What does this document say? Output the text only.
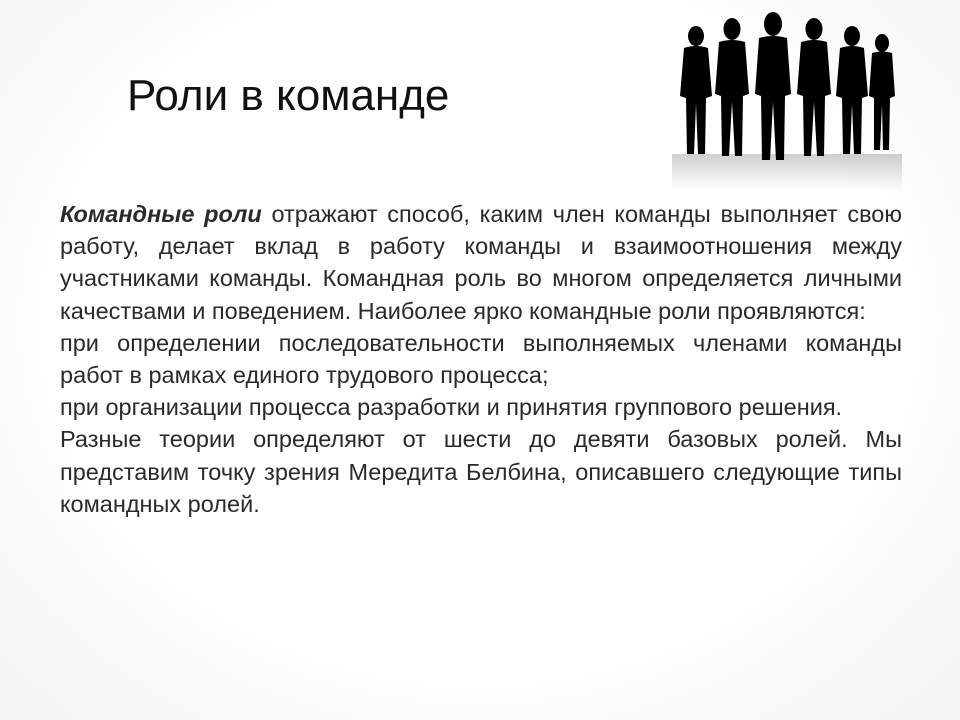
Роли в команде

Командные роли отражают способ, каким член команды выполняет свою работу, делает вклад в работу команды и взаимоотношения между участниками команды. Командная роль во многом определяется личными качествами и поведением. Наиболее ярко командные роли проявляются:

при определении последовательности выполняемых членами команды работ в рамках единого трудового процесса;

при организации процесса разработки и принятия группового решения.

Разные теории определяют от шести до девяти базовых ролей. Мы представим точку зрения Мередита Белбина, описавшего следующие типы командных ролей.
